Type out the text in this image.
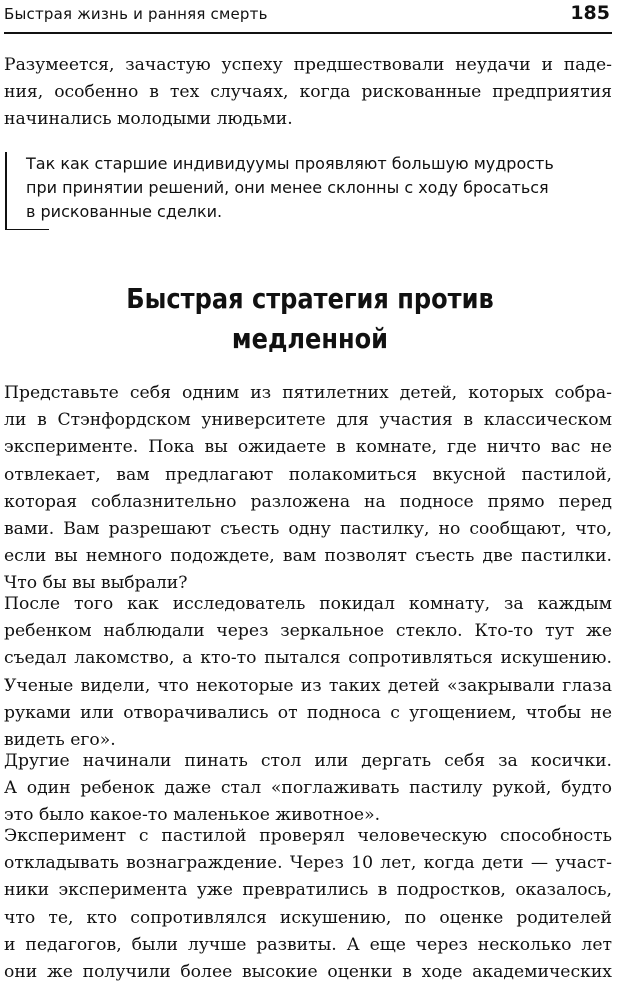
Быстрая жизнь и ранняя смерть	185
Разумеется, зачастую успеху предшествовали неудачи и паде-
ния, особенно в тех случаях, когда рискованные предприятия
начинались молодыми людьми.
Так как старшие индивидуумы проявляют большую мудрость
при принятии решений, они менее склонны с ходу бросаться
в рискованные сделки.
Быстрая стратегия против
медленной
Представьте себя одним из пятилетних детей, которых собра-
ли в Стэнфордском университете для участия в классическом
эксперименте. Пока вы ожидаете в комнате, где ничто вас не
отвлекает, вам предлагают полакомиться вкусной пастилой,
которая соблазнительно разложена на подносе прямо перед
вами. Вам разрешают съесть одну пастилку, но сообщают, что,
если вы немного подождете, вам позволят съесть две пастилки.
Что бы вы выбрали?
После того как исследователь покидал комнату, за каждым
ребенком наблюдали через зеркальное стекло. Кто-то тут же
съедал лакомство, а кто-то пытался сопротивляться искушению.
Ученые видели, что некоторые из таких детей «закрывали глаза
руками или отворачивались от подноса с угощением, чтобы не
видеть его».
Другие начинали пинать стол или дергать себя за косички.
А один ребенок даже стал «поглаживать пастилу рукой, будто
это было какое-то маленькое животное».
Эксперимент с пастилой проверял человеческую способность
откладывать вознаграждение. Через 10 лет, когда дети — участ-
ники эксперимента уже превратились в подростков, оказалось,
что те, кто сопротивлялся искушению, по оценке родителей
и педагогов, были лучше развиты. А еще через несколько лет
они же получили более высокие оценки в ходе академических
